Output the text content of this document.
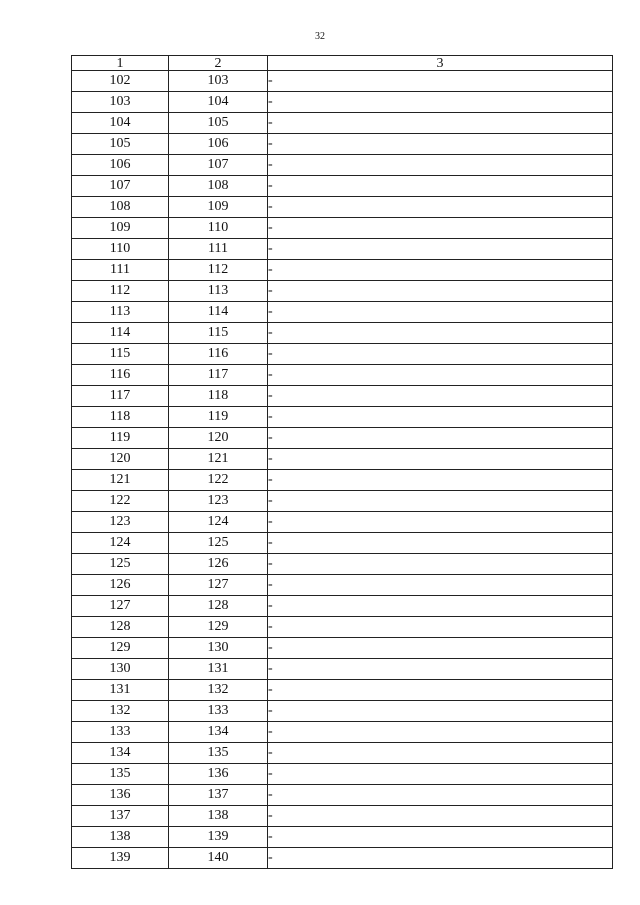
32
1	2	3
102	103	-
103	104	-
104	105	-
105	106	-
106	107	-
107	108	-
108	109	-
109	110	-
110	111	-
111	112	-
112	113	-
113	114	-
114	115	-
115	116	-
116	117	-
117	118	-
118	119	-
119	120	-
120	121	-
121	122	-
122	123	-
123	124	-
124	125	-
125	126	-
126	127	-
127	128	-
128	129	-
129	130	-
130	131	-
131	132	-
132	133	-
133	134	-
134	135	-
135	136	-
136	137	-
137	138	-
138	139	-
139	140	-
